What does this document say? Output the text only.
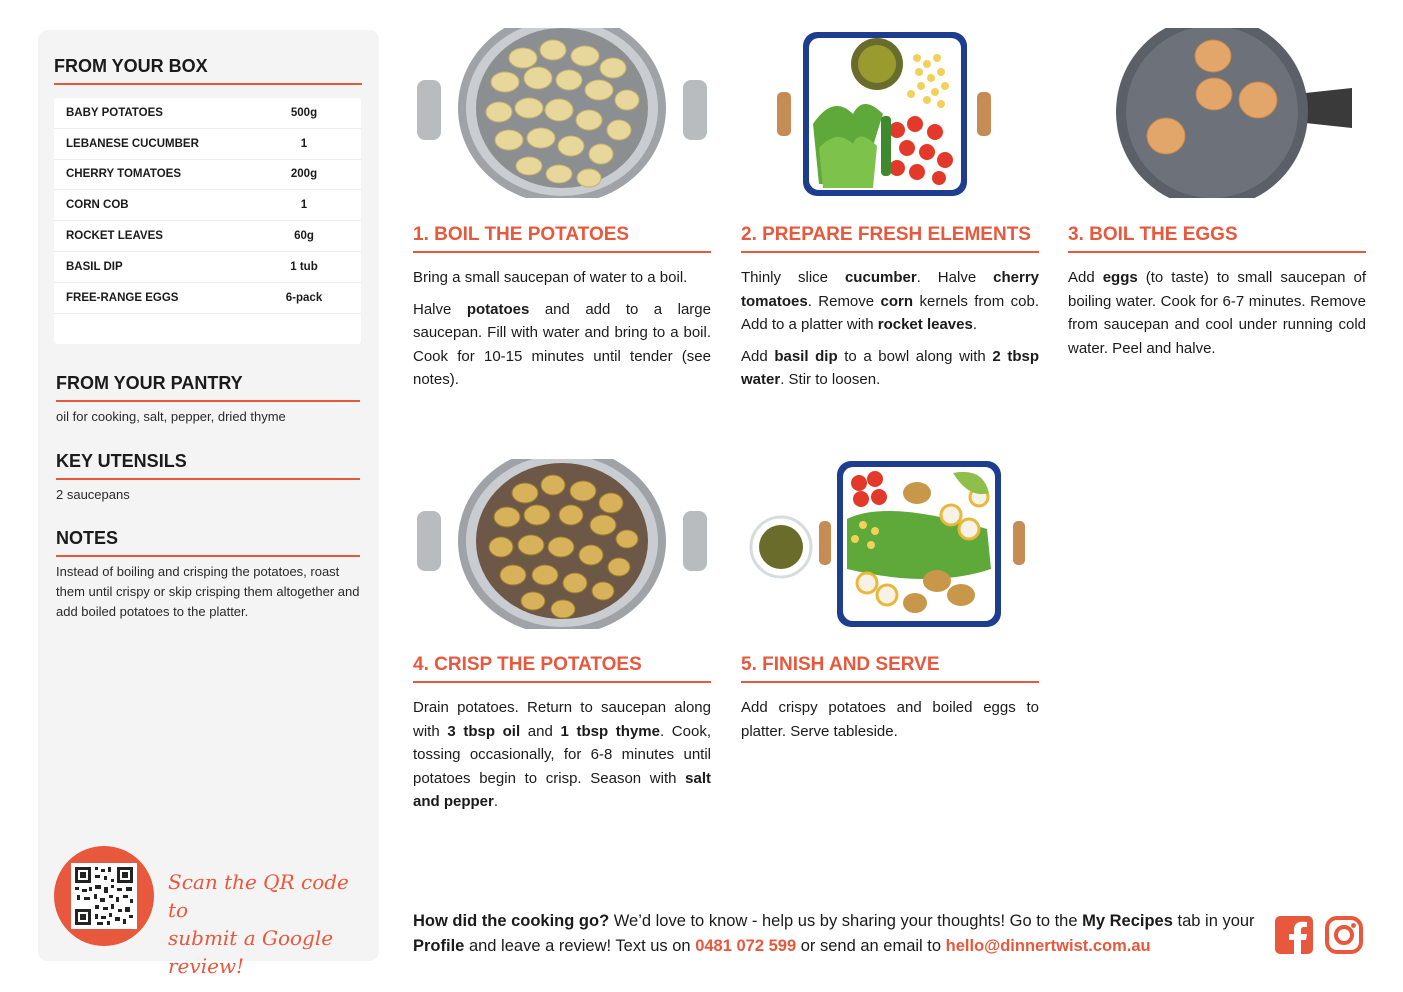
FROM YOUR BOX
BABY POTATOES	500g
LEBANESE CUCUMBER	1
CHERRY TOMATOES	200g
CORN COB	1
ROCKET LEAVES	60g
BASIL DIP	1 tub
FREE-RANGE EGGS	6-pack
FROM YOUR PANTRY
oil for cooking, salt, pepper, dried thyme
KEY UTENSILS
2 saucepans
NOTES
Instead of boiling and crisping the potatoes, roast them until crispy or skip crisping them altogether and add boiled potatoes to the platter.
Scan the QR code to
submit a Google review!
1. BOIL THE POTATOES

Bring a small saucepan of water to a boil.

Halve potatoes and add to a large saucepan. Fill with water and bring to a boil. Cook for 10-15 minutes until tender (see notes).

2. PREPARE FRESH ELEMENTS

Thinly slice cucumber. Halve cherry tomatoes. Remove corn kernels from cob. Add to a platter with rocket leaves.

Add basil dip to a bowl along with 2 tbsp water. Stir to loosen.

3. BOIL THE EGGS

Add eggs (to taste) to small saucepan of boiling water. Cook for 6-7 minutes. Remove from saucepan and cool under running cold water. Peel and halve.

4. CRISP THE POTATOES

Drain potatoes. Return to saucepan along with 3 tbsp oil and 1 tbsp thyme. Cook, tossing occasionally, for 6-8 minutes until potatoes begin to crisp. Season with salt and pepper.

5. FINISH AND SERVE

Add crispy potatoes and boiled eggs to platter. Serve tableside.

How did the cooking go? We’d love to know - help us by sharing your thoughts! Go to the My Recipes tab in your Profile and leave a review! Text us on 0481 072 599 or send an email to hello@dinnertwist.com.au
